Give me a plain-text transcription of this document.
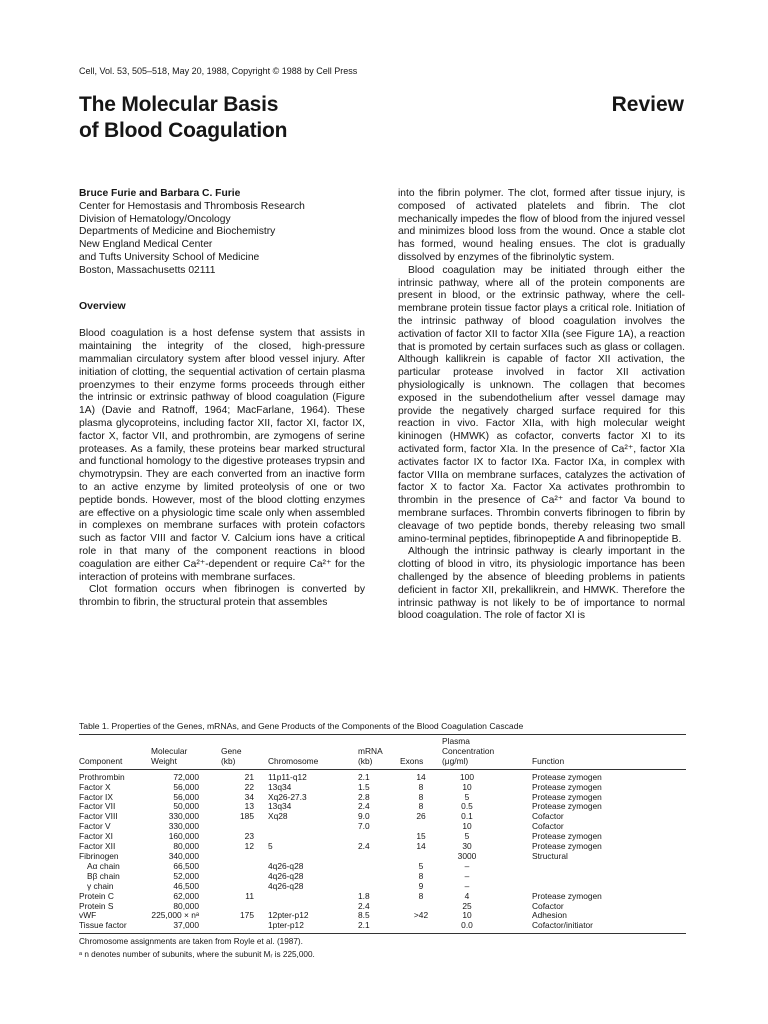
Cell, Vol. 53, 505–518, May 20, 1988, Copyright © 1988 by Cell Press
The Molecular Basis
of Blood Coagulation
Review
Bruce Furie and Barbara C. Furie
Center for Hemostasis and Thrombosis Research
Division of Hematology/Oncology
Departments of Medicine and Biochemistry
New England Medical Center
and Tufts University School of Medicine
Boston, Massachusetts 02111
Overview

Blood coagulation is a host defense system that assists in maintaining the integrity of the closed, high-pressure mammalian circulatory system after blood vessel injury. After initiation of clotting, the sequential activation of certain plasma proenzymes to their enzyme forms proceeds through either the intrinsic or extrinsic pathway of blood coagulation (Figure 1A) (Davie and Ratnoff, 1964; MacFarlane, 1964). These plasma glycoproteins, including factor XII, factor XI, factor IX, factor X, factor VII, and prothrombin, are zymogens of serine proteases. As a family, these proteins bear marked structural and functional homology to the digestive proteases trypsin and chymotrypsin. They are each converted from an inactive form to an active enzyme by limited proteolysis of one or two peptide bonds. However, most of the blood clotting enzymes are effective on a physiologic time scale only when assembled in complexes on membrane surfaces with protein cofactors such as factor VIII and factor V. Calcium ions have a critical role in that many of the component reactions in blood coagulation are either Ca²⁺-dependent or require Ca²⁺ for the interaction of proteins with membrane surfaces.

Clot formation occurs when fibrinogen is converted by thrombin to fibrin, the structural protein that assembles

into the fibrin polymer. The clot, formed after tissue injury, is composed of activated platelets and fibrin. The clot mechanically impedes the flow of blood from the injured vessel and minimizes blood loss from the wound. Once a stable clot has formed, wound healing ensues. The clot is gradually dissolved by enzymes of the fibrinolytic system.

Blood coagulation may be initiated through either the intrinsic pathway, where all of the protein components are present in blood, or the extrinsic pathway, where the cell-membrane protein tissue factor plays a critical role. Initiation of the intrinsic pathway of blood coagulation involves the activation of factor XII to factor XIIa (see Figure 1A), a reaction that is promoted by certain surfaces such as glass or collagen. Although kallikrein is capable of factor XII activation, the particular protease involved in factor XII activation physiologically is unknown. The collagen that becomes exposed in the subendothelium after vessel damage may provide the negatively charged surface required for this reaction in vivo. Factor XIIa, with high molecular weight kininogen (HMWK) as cofactor, converts factor XI to its activated form, factor XIa. In the presence of Ca²⁺, factor XIa activates factor IX to factor IXa. Factor IXa, in complex with factor VIIIa on membrane surfaces, catalyzes the activation of factor X to factor Xa. Factor Xa activates prothrombin to thrombin in the presence of Ca²⁺ and factor Va bound to membrane surfaces. Thrombin converts fibrinogen to fibrin by cleavage of two peptide bonds, thereby releasing two small amino-terminal peptides, fibrinopeptide A and fibrinopeptide B.

Although the intrinsic pathway is clearly important in the clotting of blood in vitro, its physiologic importance has been challenged by the absence of bleeding problems in patients deficient in factor XII, prekallikrein, and HMWK. Therefore the intrinsic pathway is not likely to be of importance to normal blood coagulation. The role of factor XI is

Table 1. Properties of the Genes, mRNAs, and Gene Products of the Components of the Blood Coagulation Cascade
						Plasma	
	Molecular	Gene		mRNA		Concentration	
Component	Weight	(kb)	Chromosome	(kb)	Exons	(μg/ml)	Function
Prothrombin	72,000	21	11p11-q12	2.1	14	100	Protease zymogen
Factor X	56,000	22	13q34	1.5	8	10	Protease zymogen
Factor IX	56,000	34	Xq26-27.3	2.8	8	5	Protease zymogen
Factor VII	50,000	13	13q34	2.4	8	0.5	Protease zymogen
Factor VIII	330,000	185	Xq28	9.0	26	0.1	Cofactor
Factor V	330,000			7.0		10	Cofactor
Factor XI	160,000	23			15	5	Protease zymogen
Factor XII	80,000	12	5	2.4	14	30	Protease zymogen
Fibrinogen	340,000					3000	Structural
Aα chain	66,500		4q26-q28		5	–	
Bβ chain	52,000		4q26-q28		8	–	
γ chain	46,500		4q26-q28		9	–	
Protein C	62,000	11		1.8	8	4	Protease zymogen
Protein S	80,000			2.4		25	Cofactor
vWF	225,000 × nᵃ	175	12pter-p12	8.5	>42	10	Adhesion
Tissue factor	37,000		1pter-p12	2.1		0.0	Cofactor/initiator
Chromosome assignments are taken from Royle et al. (1987).
ᵃ n denotes number of subunits, where the subunit Mᵣ is 225,000.
